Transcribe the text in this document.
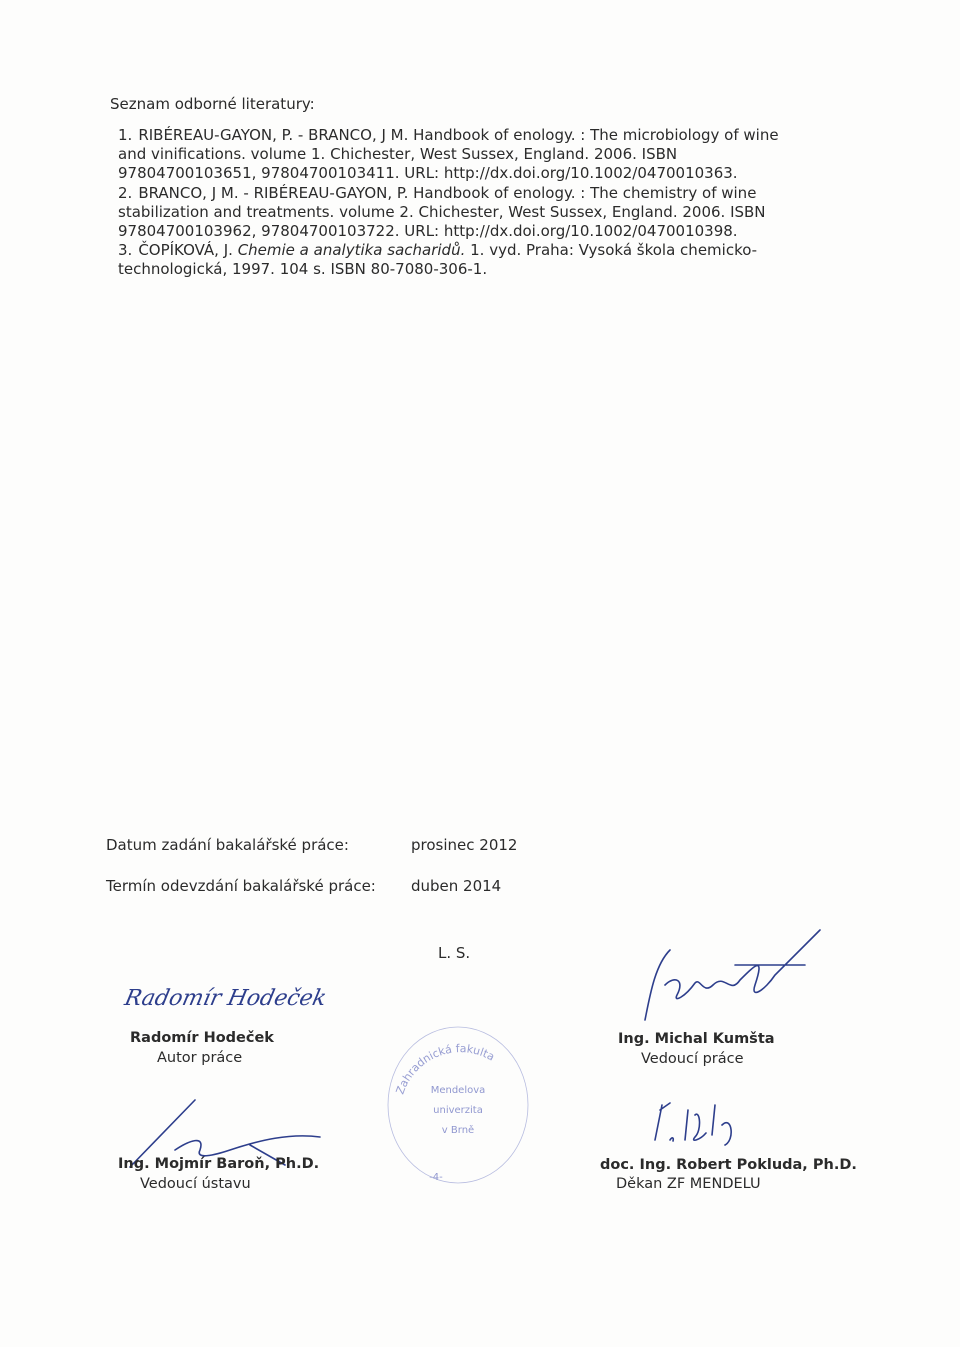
Seznam odborné literatury:
1. RIBÉREAU-GAYON, P. - BRANCO, J M. Handbook of enology. : The microbiology of wine and vinifications. volume 1. Chichester, West Sussex, England. 2006. ISBN 97804700103651, 97804700103411. URL: http://dx.doi.org/10.1002/0470010363.
2. BRANCO, J M. - RIBÉREAU-GAYON, P. Handbook of enology. : The chemistry of wine stabilization and treatments. volume 2. Chichester, West Sussex, England. 2006. ISBN 97804700103962, 97804700103722. URL: http://dx.doi.org/10.1002/0470010398.
3. ČOPÍKOVÁ, J. Chemie a analytika sacharidů. 1. vyd. Praha: Vysoká škola chemicko-technologická, 1997. 104 s. ISBN 80-7080-306-1.
Datum zadání bakalářské práce:	prosinec 2012
Termín odevzdání bakalářské práce: duben 2014
L. S.
Radomír Hodeček
Radomír Hodeček
Autor práce
Ing. Michal Kumšta
Vedoucí práce
Zahradnická fakulta
Mendelova
univerzita
v Brně
-4-
Ing. Mojmír Baroň, Ph.D.
Vedoucí ústavu
doc. Ing. Robert Pokluda, Ph.D.
Děkan ZF MENDELU
